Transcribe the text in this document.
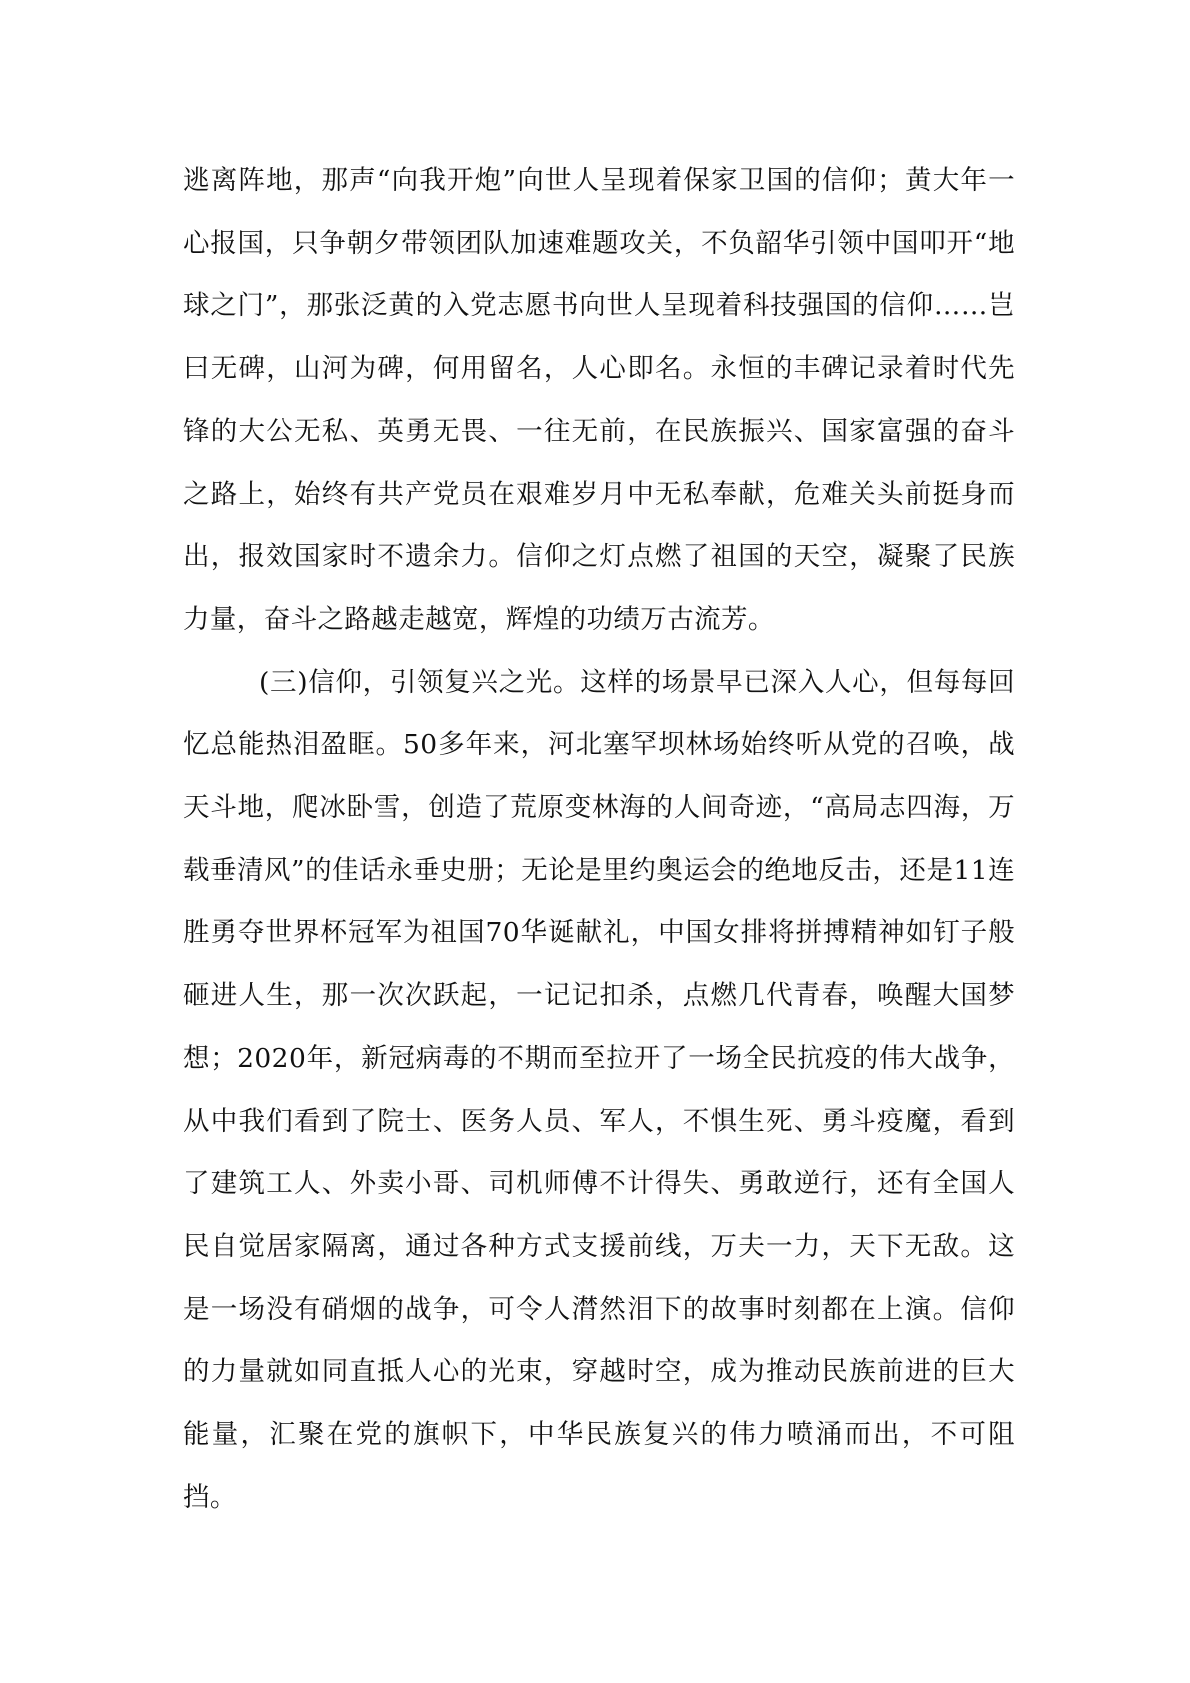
逃离阵地，那声“向我开炮”向世人呈现着保家卫国的信仰；黄大年一心报国，只争朝夕带领团队加速难题攻关，不负韶华引领中国叩开“地球之门”，那张泛黄的入党志愿书向世人呈现着科技强国的信仰……岂曰无碑，山河为碑，何用留名，人心即名。永恒的丰碑记录着时代先锋的大公无私、英勇无畏、一往无前，在民族振兴、国家富强的奋斗之路上，始终有共产党员在艰难岁月中无私奉献，危难关头前挺身而出，报效国家时不遗余力。信仰之灯点燃了祖国的天空，凝聚了民族力量，奋斗之路越走越宽，辉煌的功绩万古流芳。

(三)信仰，引领复兴之光。这样的场景早已深入人心，但每每回忆总能热泪盈眶。50多年来，河北塞罕坝林场始终听从党的召唤，战天斗地，爬冰卧雪，创造了荒原变林海的人间奇迹，“高局志四海，万载垂清风”的佳话永垂史册；无论是里约奥运会的绝地反击，还是11连胜勇夺世界杯冠军为祖国70华诞献礼，中国女排将拼搏精神如钉子般砸进人生，那一次次跃起，一记记扣杀，点燃几代青春，唤醒大国梦想；2020年，新冠病毒的不期而至拉开了一场全民抗疫的伟大战争，从中我们看到了院士、医务人员、军人，不惧生死、勇斗疫魔，看到了建筑工人、外卖小哥、司机师傅不计得失、勇敢逆行，还有全国人民自觉居家隔离，通过各种方式支援前线，万夫一力，天下无敌。这是一场没有硝烟的战争，可令人潸然泪下的故事时刻都在上演。信仰的力量就如同直抵人心的光束，穿越时空，成为推动民族前进的巨大能量，汇聚在党的旗帜下，中华民族复兴的伟力喷涌而出，不可阻挡。
